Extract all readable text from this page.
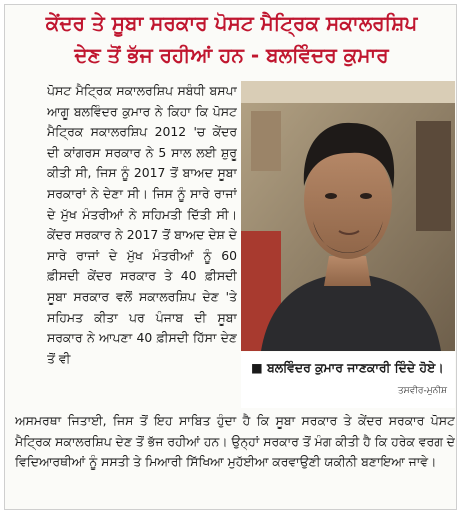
ਕੇਂਦਰ ਤੇ ਸੂਬਾ ਸਰਕਾਰ ਪੋਸਟ ਮੈਟ੍ਰਿਕ ਸਕਾਲਰਸ਼ਿਪ
ਦੇਣ ਤੋਂ ਭੱਜ ਰਹੀਆਂ ਹਨ - ਬਲਵਿੰਦਰ ਕੁਮਾਰ
ਪੋਸਟ ਮੈਟ੍ਰਿਕ ਸਕਾਲਰਸ਼ਿਪ ਸਬੰਧੀ ਬਸਪਾ ਆਗੂ ਬਲਵਿੰਦਰ ਕੁਮਾਰ ਨੇ ਕਿਹਾ ਕਿ ਪੋਸਟ ਮੈਟ੍ਰਿਕ ਸਕਾਲਰਸ਼ਿਪ 2012 'ਚ ਕੇਂਦਰ ਦੀ ਕਾਂਗਰਸ ਸਰਕਾਰ ਨੇ 5 ਸਾਲ ਲਈ ਸ਼ੁਰੂ ਕੀਤੀ ਸੀ, ਜਿਸ ਨੂੰ 2017 ਤੋਂ ਬਾਅਦ ਸੂਬਾ ਸਰਕਾਰਾਂ ਨੇ ਦੇਣਾ ਸੀ। ਜਿਸ ਨੂੰ ਸਾਰੇ ਰਾਜਾਂ ਦੇ ਮੁੱਖ ਮੰਤਰੀਆਂ ਨੇ ਸਹਿਮਤੀ ਦਿੱਤੀ ਸੀ। ਕੇਂਦਰ ਸਰਕਾਰ ਨੇ 2017 ਤੋਂ ਬਾਅਦ ਦੇਸ਼ ਦੇ ਸਾਰੇ ਰਾਜਾਂ ਦੇ ਮੁੱਖ ਮੰਤਰੀਆਂ ਨੂੰ 60 ਫ਼ੀਸਦੀ ਕੇਂਦਰ ਸਰਕਾਰ ਤੇ 40 ਫ਼ੀਸਦੀ ਸੂਬਾ ਸਰਕਾਰ ਵਲੋਂ ਸਕਾਲਰਸ਼ਿਪ ਦੇਣ 'ਤੇ ਸਹਿਮਤ ਕੀਤਾ ਪਰ ਪੰਜਾਬ ਦੀ ਸੂਬਾ ਸਰਕਾਰ ਨੇ ਆਪਣਾ 40 ਫ਼ੀਸਦੀ ਹਿੱਸਾ ਦੇਣ ਤੋਂ ਵੀ
■ ਬਲਵਿੰਦਰ ਕੁਮਾਰ ਜਾਣਕਾਰੀ ਦਿੰਦੇ ਹੋਏ।
ਤਸਵੀਰ-ਮੁਨੀਸ਼
ਅਸਮਰਥਾ ਜਿਤਾਈ, ਜਿਸ ਤੋਂ ਇਹ ਸਾਬਿਤ ਹੁੰਦਾ ਹੈ ਕਿ ਸੂਬਾ ਸਰਕਾਰ ਤੇ ਕੇਂਦਰ ਸਰਕਾਰ ਪੋਸਟ ਮੈਟ੍ਰਿਕ ਸਕਾਲਰਸ਼ਿਪ ਦੇਣ ਤੋਂ ਭੱਜ ਰਹੀਆਂ ਹਨ। ਉਨ੍ਹਾਂ ਸਰਕਾਰ ਤੋਂ ਮੰਗ ਕੀਤੀ ਹੈ ਕਿ ਹਰੇਕ ਵਰਗ ਦੇ ਵਿਦਿਆਰਥੀਆਂ ਨੂੰ ਸਸਤੀ ਤੇ ਮਿਆਰੀ ਸਿੱਖਿਆ ਮੁਹੱਈਆ ਕਰਵਾਉਣੀ ਯਕੀਨੀ ਬਣਾਇਆ ਜਾਵੇ।
